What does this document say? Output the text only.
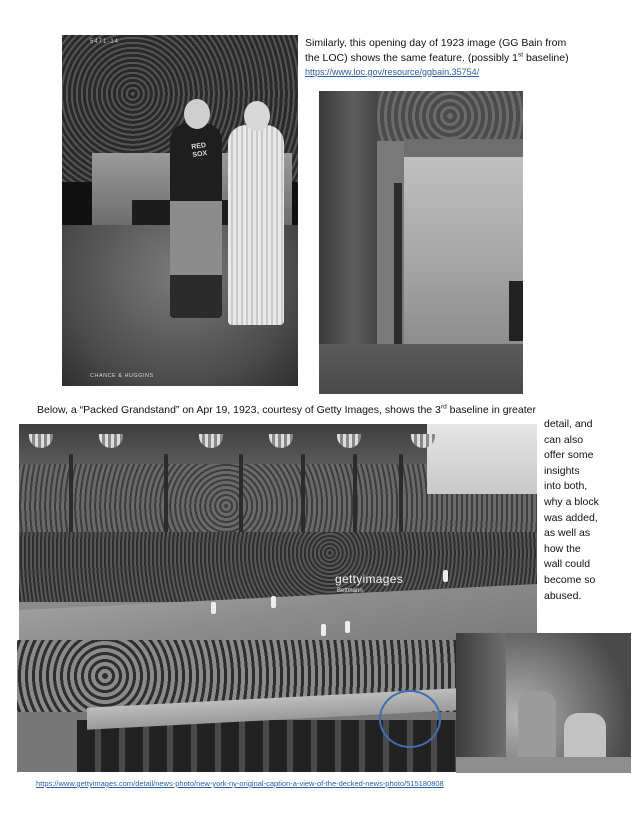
RED
SOX
5471-14
CHANCE & HUGGINS
Similarly, this opening day of 1923 image (GG Bain from
the LOC) shows the same feature. (possibly 1st baseline)
https://www.loc.gov/resource/ggbain.35754/
Below, a “Packed Grandstand” on Apr 19, 1923, courtesy of Getty Images, shows the 3rd baseline in greater
gettyimages
Bettmann
detail, and
can also
offer some
insights
into both,
why a block
was added,
as well as
how the
wall could
become so
abused.
https://www.gettyimages.com/detail/news-photo/new-york-ny-original-caption-a-view-of-the-decked-news-photo/515180808
